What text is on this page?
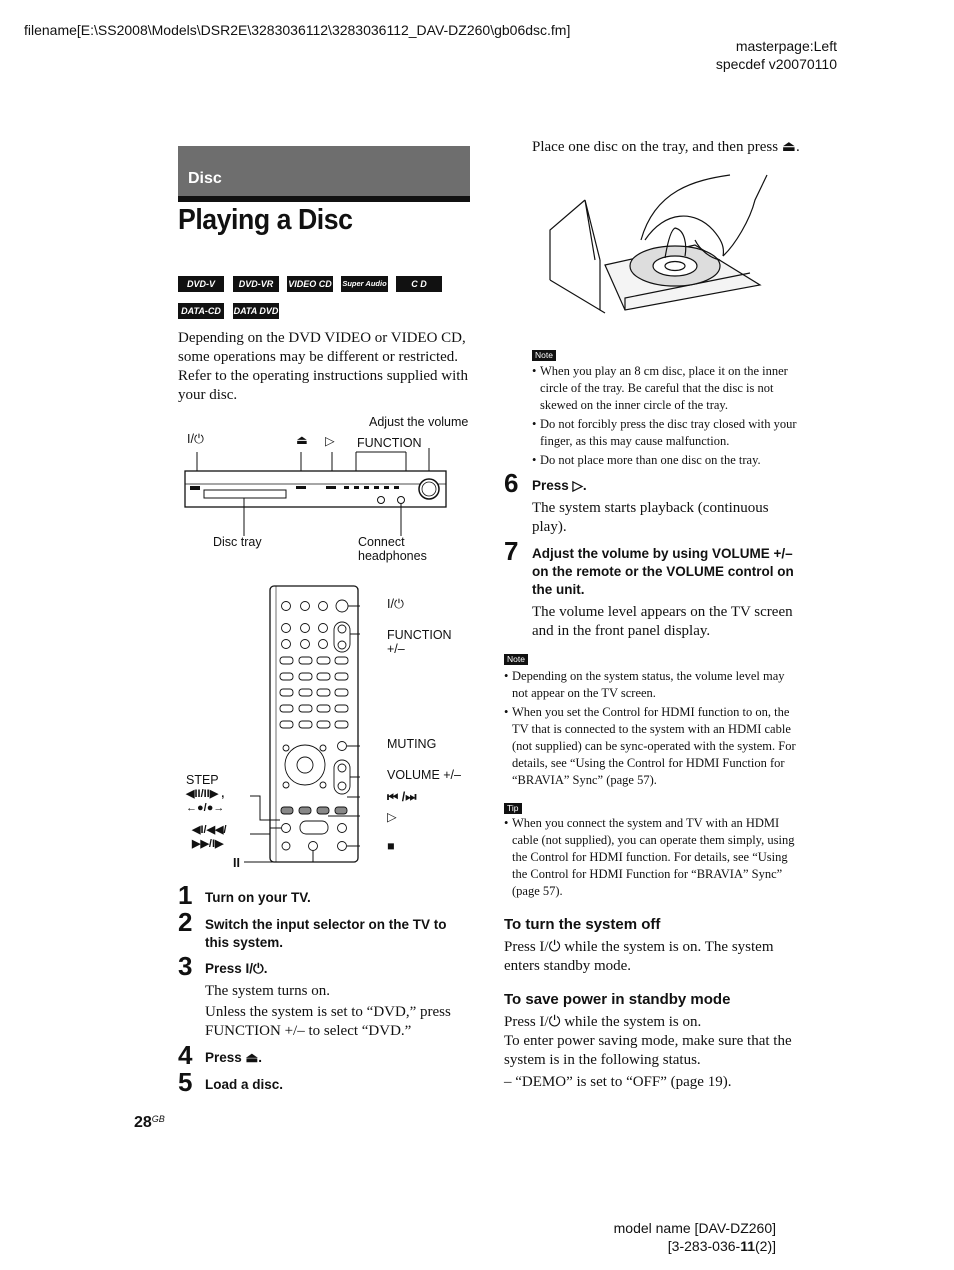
filename[E:\SS2008\Models\DSR2E\3283036112\3283036112_DAV-DZ260\gb06dsc.fm]
masterpage:Left
specdef v20070110
Disc
Playing a Disc
DVD-V	DVD-VR	VIDEO CD Super Audio CD
C D
DATA-CD	DATA DVD
Depending on the DVD VIDEO or VIDEO CD, some operations may be different or restricted. Refer to the operating instructions supplied with your disc.
I/⏻	⏏ ▷ FUNCTION
Adjust the volume
Disc tray	Connect
headphones
I/⏻
FUNCTION
+/–
MUTING
VOLUME +/–
⏮ /⏭
▷
■
STEP
◀II/II▶ ,
←●/●→
◀I/◀◀/
▶▶/I▶
II
1 Turn on your TV.
2 Switch the input selector on the TV to this system.
3 Press I/⏻.
The system turns on.
Unless the system is set to “DVD,” press FUNCTION +/– to select “DVD.”
4 Press ⏏.
5 Load a disc.
Place one disc on the tray, and then press ⏏.
Note
• When you play an 8 cm disc, place it on the inner circle of the tray. Be careful that the disc is not skewed on the inner circle of the tray.
• Do not forcibly press the disc tray closed with your finger, as this may cause malfunction.
• Do not place more than one disc on the tray.
6 Press ▷.
The system starts playback (continuous play).
7 Adjust the volume by using VOLUME +/– on the remote or the VOLUME control on the unit.
The volume level appears on the TV screen and in the front panel display.
Note
• Depending on the system status, the volume level may not appear on the TV screen.
• When you set the Control for HDMI function to on, the TV that is connected to the system with an HDMI cable (not supplied) can be sync-operated with the system. For details, see “Using the Control for HDMI Function for “BRAVIA” Sync” (page 57).
Tip
• When you connect the system and TV with an HDMI cable (not supplied), you can operate them simply, using the Control for HDMI function. For details, see “Using the Control for HDMI Function for “BRAVIA” Sync” (page 57).
To turn the system off
Press I/⏻ while the system is on. The system enters standby mode.
To save power in standby mode
Press I/⏻ while the system is on.
To enter power saving mode, make sure that the system is in the following status.
– “DEMO” is set to “OFF” (page 19).
$28^{GB}$
model name [DAV-DZ260]
[3-283-036-11(2)]
